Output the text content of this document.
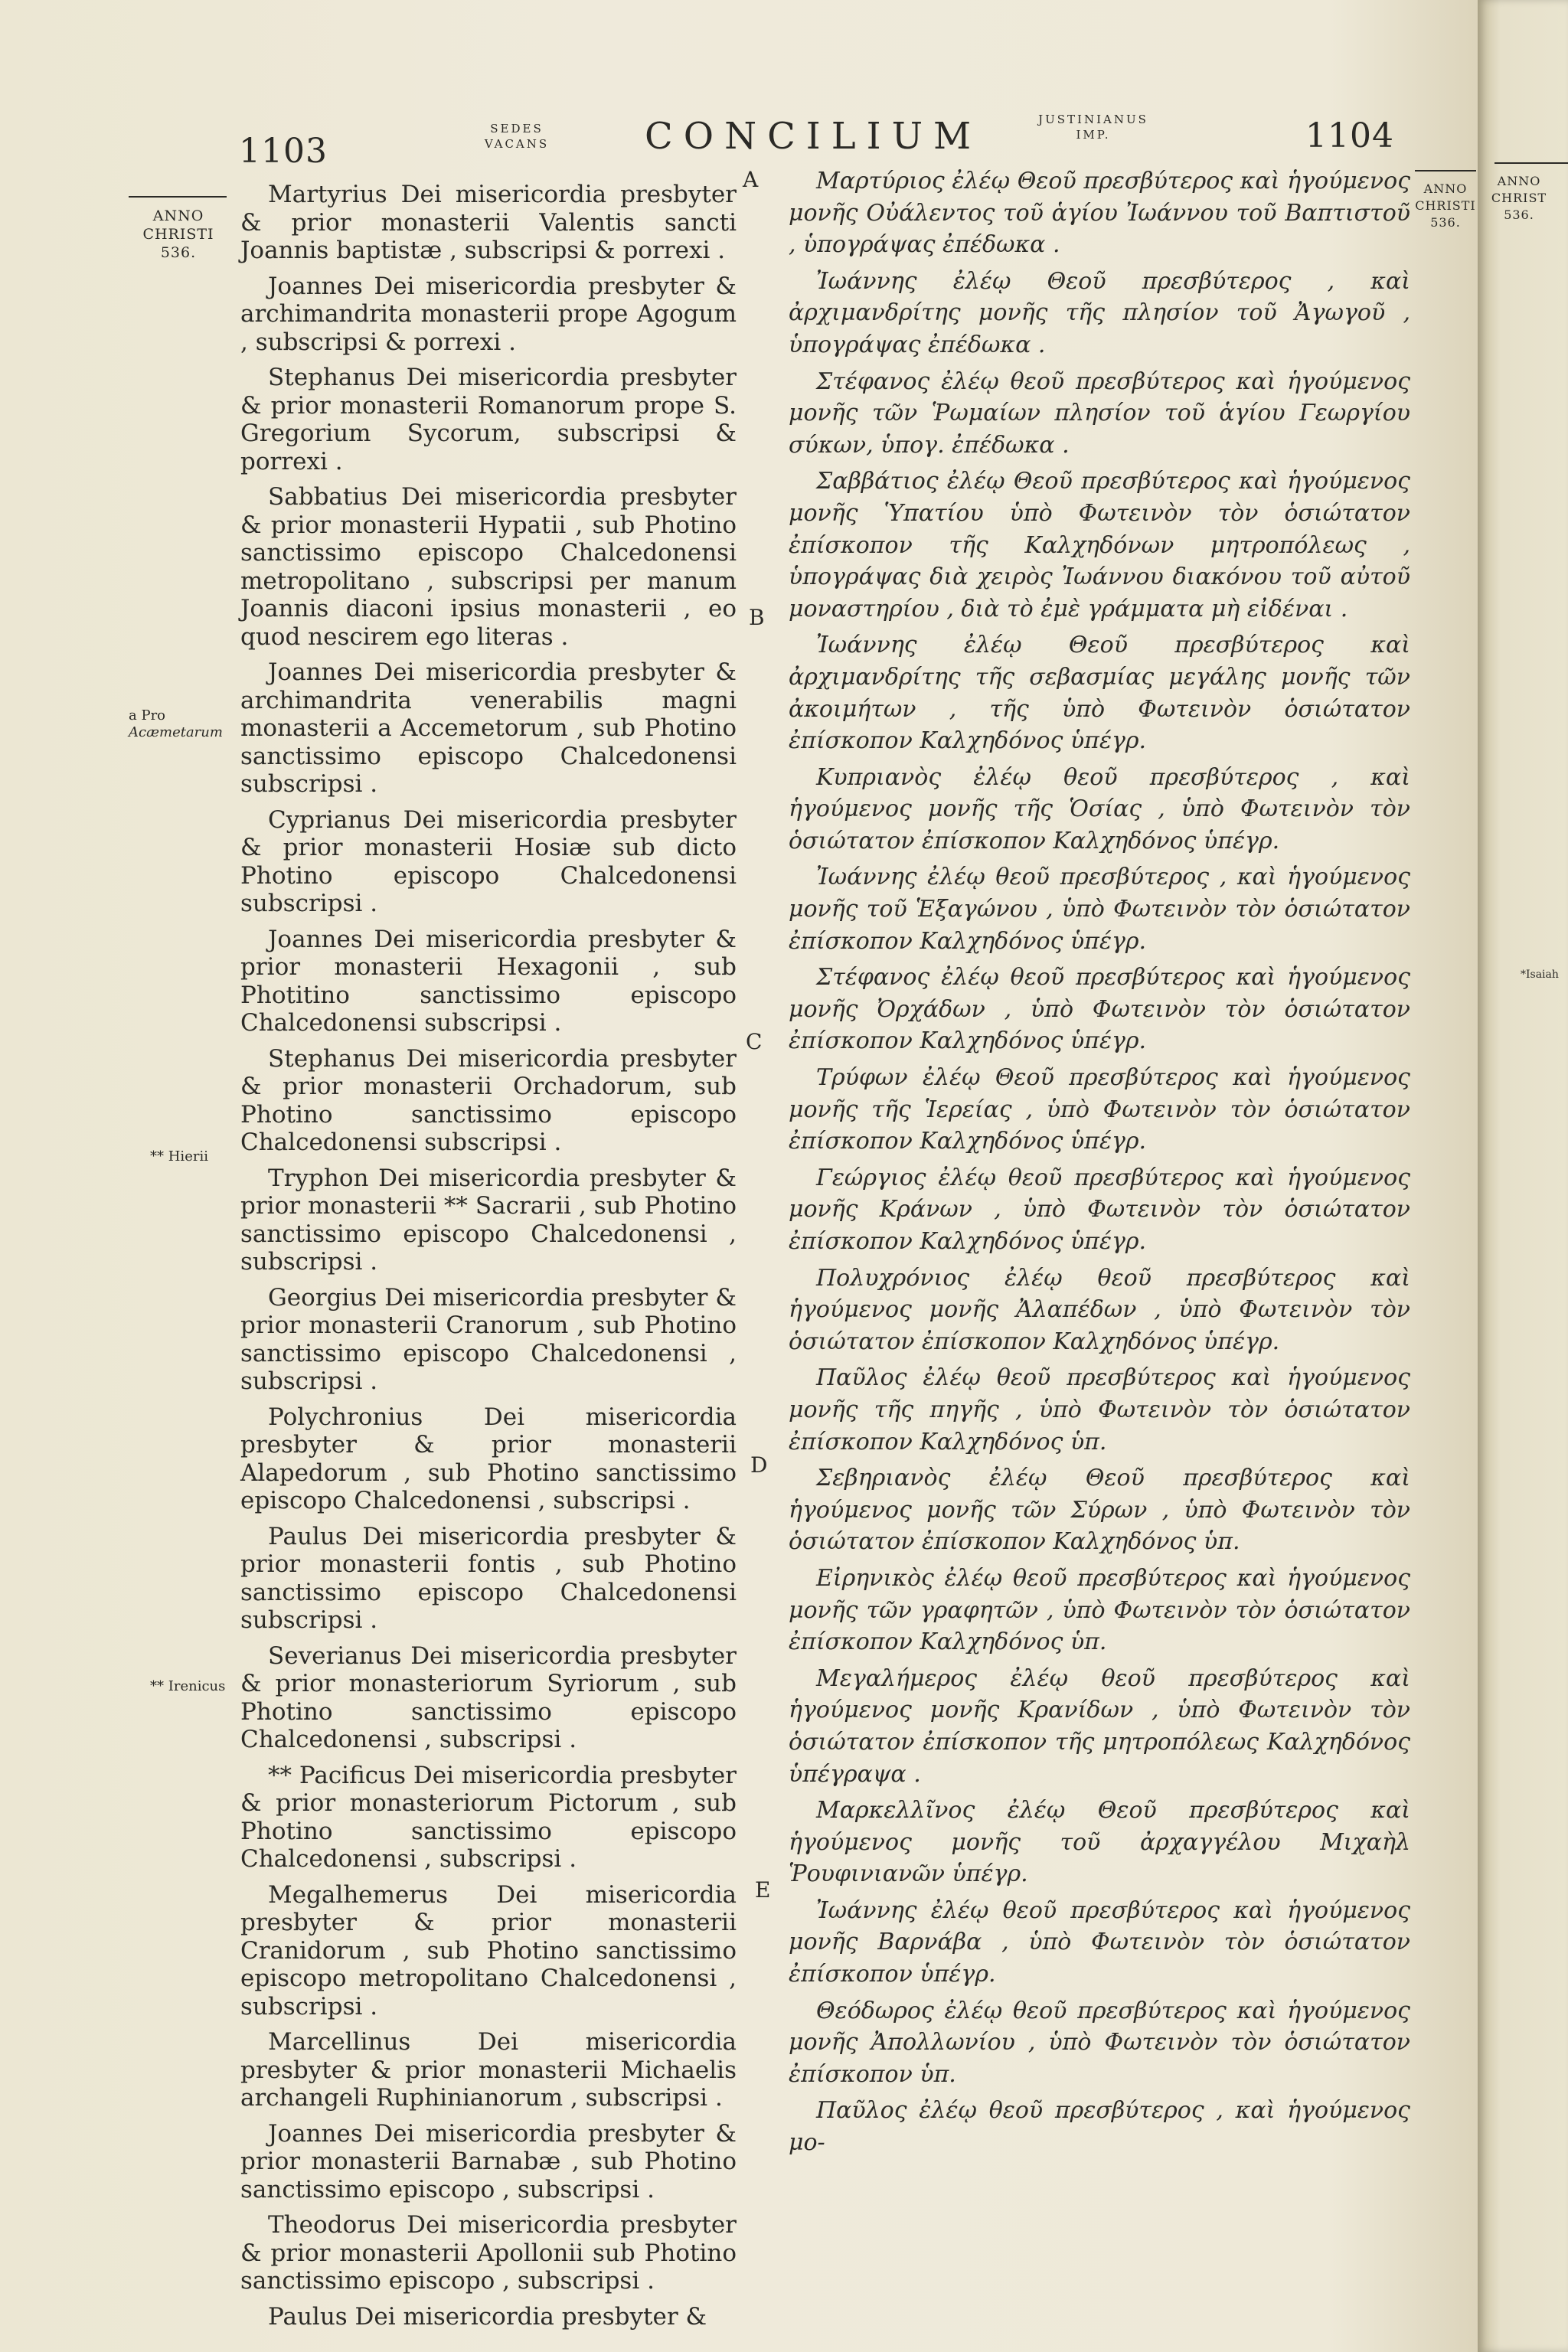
1103
SEDES
VACANS	CONCILIUM	JUSTINIANUS
IMP.	1104
ANNO
CHRISTI
536.
a Pro Acæmetarum
** Hierii
** Irenicus
A
B
C
D
E

Martyrius Dei misericordia presbyter & prior monasterii Valentis sancti Joannis baptistæ , subscripsi & porrexi .

Joannes Dei misericordia presbyter & archimandrita monasterii prope Agogum , subscripsi & porrexi .

Stephanus Dei misericordia presbyter & prior monasterii Romanorum prope S. Gregorium Sycorum, subscripsi & porrexi .

Sabbatius Dei misericordia presbyter & prior monasterii Hypatii , sub Photino sanctissimo episcopo Chalcedonensi metropolitano , subscripsi per manum Joannis diaconi ipsius monasterii , eo quod nescirem ego literas .

Joannes Dei misericordia presbyter & archimandrita venerabilis magni monasterii a Accemetorum , sub Photino sanctissimo episcopo Chalcedonensi subscripsi .

Cyprianus Dei misericordia presbyter & prior monasterii Hosiæ sub dicto Photino episcopo Chalcedonensi subscripsi .

Joannes Dei misericordia presbyter & prior monasterii Hexagonii , sub Photitino sanctissimo episcopo Chalcedonensi subscripsi .

Stephanus Dei misericordia presbyter & prior monasterii Orchadorum, sub Photino sanctissimo episcopo Chalcedonensi subscripsi .

Tryphon Dei misericordia presbyter & prior monasterii ** Sacrarii , sub Photino sanctissimo episcopo Chalcedonensi , subscripsi .

Georgius Dei misericordia presbyter & prior monasterii Cranorum , sub Photino sanctissimo episcopo Chalcedonensi , subscripsi .

Polychronius Dei misericordia presbyter & prior monasterii Alapedorum , sub Photino sanctissimo episcopo Chalcedonensi , subscripsi .

Paulus Dei misericordia presbyter & prior monasterii fontis , sub Photino sanctissimo episcopo Chalcedonensi subscripsi .

Severianus Dei misericordia presbyter & prior monasteriorum Syriorum , sub Photino sanctissimo episcopo Chalcedonensi , subscripsi .

** Pacificus Dei misericordia presbyter & prior monasteriorum Pictorum , sub Photino sanctissimo episcopo Chalcedonensi , subscripsi .

Megalhemerus Dei misericordia presbyter & prior monasterii Cranidorum , sub Photino sanctissimo episcopo metropolitano Chalcedonensi , subscripsi .

Marcellinus Dei misericordia presbyter & prior monasterii Michaelis archangeli Ruphinianorum , subscripsi .

Joannes Dei misericordia presbyter & prior monasterii Barnabæ , sub Photino sanctissimo episcopo , subscripsi .

Theodorus Dei misericordia presbyter & prior monasterii Apollonii sub Photino sanctissimo episcopo , subscripsi .

Paulus Dei misericordia presbyter &

Μαρτύριος ἐλέῳ Θεοῦ πρεσβύτερος καὶ ἡγούμενος μονῆς Οὐάλεντος τοῦ ἁγίου Ἰωάννου τοῦ Βαπτιστοῦ , ὑπογράψας ἐπέδωκα .

Ἰωάννης ἐλέῳ Θεοῦ πρεσβύτερος , καὶ ἀρχιμανδρίτης μονῆς τῆς πλησίον τοῦ Ἀγωγοῦ , ὑπογράψας ἐπέδωκα .

Στέφανος ἐλέῳ θεοῦ πρεσβύτερος καὶ ἡγούμενος μονῆς τῶν Ῥωμαίων πλησίον τοῦ ἁγίου Γεωργίου σύκων, ὑπογ. ἐπέδωκα .

Σαββάτιος ἐλέῳ Θεοῦ πρεσβύτερος καὶ ἡγούμενος μονῆς Ὑπατίου ὑπὸ Φωτεινὸν τὸν ὁσιώτατον ἐπίσκοπον τῆς Καλχηδόνων μητροπόλεως , ὑπογράψας διὰ χειρὸς Ἰωάννου διακόνου τοῦ αὐτοῦ μοναστηρίου , διὰ τὸ ἐμὲ γράμματα μὴ εἰδέναι .

Ἰωάννης ἐλέῳ Θεοῦ πρεσβύτερος καὶ ἀρχιμανδρίτης τῆς σεβασμίας μεγάλης μονῆς τῶν ἀκοιμήτων , τῆς ὑπὸ Φωτεινὸν ὁσιώτατον ἐπίσκοπον Καλχηδόνος ὑπέγρ.

Κυπριανὸς ἐλέῳ θεοῦ πρεσβύτερος , καὶ ἡγούμενος μονῆς τῆς Ὁσίας , ὑπὸ Φωτεινὸν τὸν ὁσιώτατον ἐπίσκοπον Καλχηδόνος ὑπέγρ.

Ἰωάννης ἐλέῳ θεοῦ πρεσβύτερος , καὶ ἡγούμενος μονῆς τοῦ Ἑξαγώνου , ὑπὸ Φωτεινὸν τὸν ὁσιώτατον ἐπίσκοπον Καλχηδόνος ὑπέγρ.

Στέφανος ἐλέῳ θεοῦ πρεσβύτερος καὶ ἡγούμενος μονῆς Ὀρχάδων , ὑπὸ Φωτεινὸν τὸν ὁσιώτατον ἐπίσκοπον Καλχηδόνος ὑπέγρ.

Τρύφων ἐλέῳ Θεοῦ πρεσβύτερος καὶ ἡγούμενος μονῆς τῆς Ἱερείας , ὑπὸ Φωτεινὸν τὸν ὁσιώτατον ἐπίσκοπον Καλχηδόνος ὑπέγρ.

Γεώργιος ἐλέῳ θεοῦ πρεσβύτερος καὶ ἡγούμενος μονῆς Κράνων , ὑπὸ Φωτεινὸν τὸν ὁσιώτατον ἐπίσκοπον Καλχηδόνος ὑπέγρ.

Πολυχρόνιος ἐλέῳ θεοῦ πρεσβύτερος καὶ ἡγούμενος μονῆς Ἀλαπέδων , ὑπὸ Φωτεινὸν τὸν ὁσιώτατον ἐπίσκοπον Καλχηδόνος ὑπέγρ.

Παῦλος ἐλέῳ θεοῦ πρεσβύτερος καὶ ἡγούμενος μονῆς τῆς πηγῆς , ὑπὸ Φωτεινὸν τὸν ὁσιώτατον ἐπίσκοπον Καλχηδόνος ὑπ.

Σεβηριανὸς ἐλέῳ Θεοῦ πρεσβύτερος καὶ ἡγούμενος μονῆς τῶν Σύρων , ὑπὸ Φωτεινὸν τὸν ὁσιώτατον ἐπίσκοπον Καλχηδόνος ὑπ.

Εἰρηνικὸς ἐλέῳ θεοῦ πρεσβύτερος καὶ ἡγούμενος μονῆς τῶν γραφητῶν , ὑπὸ Φωτεινὸν τὸν ὁσιώτατον ἐπίσκοπον Καλχηδόνος ὑπ.

Μεγαλήμερος ἐλέῳ θεοῦ πρεσβύτερος καὶ ἡγούμενος μονῆς Κρανίδων , ὑπὸ Φωτεινὸν τὸν ὁσιώτατον ἐπίσκοπον τῆς μητροπόλεως Καλχηδόνος ὑπέγραψα .

Μαρκελλῖνος ἐλέῳ Θεοῦ πρεσβύτερος καὶ ἡγούμενος μονῆς τοῦ ἀρχαγγέλου Μιχαὴλ Ῥουφινιανῶν ὑπέγρ.

Ἰωάννης ἐλέῳ θεοῦ πρεσβύτερος καὶ ἡγούμενος μονῆς Βαρνάβα , ὑπὸ Φωτεινὸν τὸν ὁσιώτατον ἐπίσκοπον ὑπέγρ.

Θεόδωρος ἐλέῳ θεοῦ πρεσβύτερος καὶ ἡγούμενος μονῆς Ἀπολλωνίου , ὑπὸ Φωτεινὸν τὸν ὁσιώτατον ἐπίσκοπον ὑπ.

Παῦλος ἐλέῳ θεοῦ πρεσβύτερος , καὶ ἡγούμενος μο-

ANNO
CHRISTI
536.
ANNO
CHRIST
536.
*Isaiah
